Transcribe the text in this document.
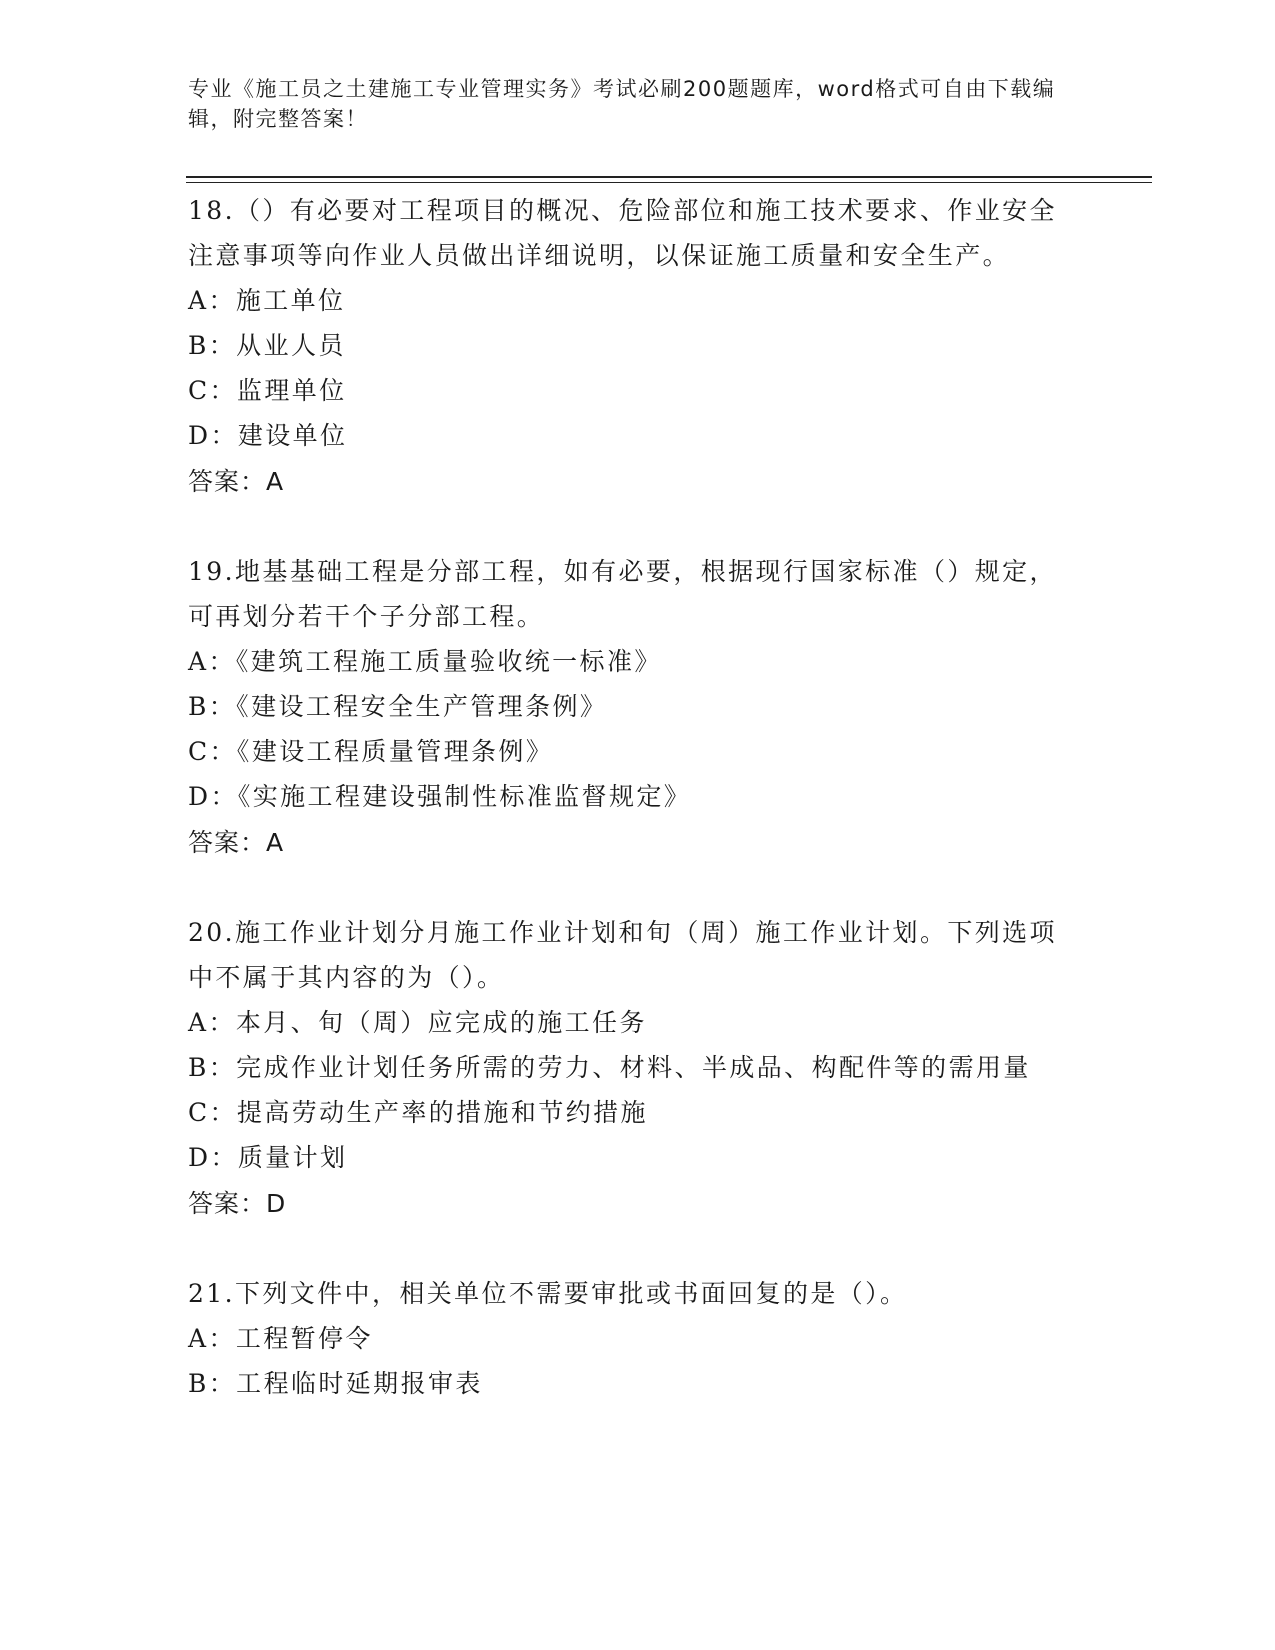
专业《施工员之土建施工专业管理实务》考试必刷200题题库，word格式可自由下载编辑，附完整答案！

18.（）有必要对工程项目的概况、危险部位和施工技术要求、作业安全注意事项等向作业人员做出详细说明，以保证施工质量和安全生产。

A：施工单位

B：从业人员

C：监理单位

D：建设单位

答案：A

19.地基基础工程是分部工程，如有必要，根据现行国家标准（）规定，可再划分若干个子分部工程。

A：《建筑工程施工质量验收统一标准》

B：《建设工程安全生产管理条例》

C：《建设工程质量管理条例》

D：《实施工程建设强制性标准监督规定》

答案：A

20.施工作业计划分月施工作业计划和旬（周）施工作业计划。下列选项中不属于其内容的为（）。

A：本月、旬（周）应完成的施工任务

B：完成作业计划任务所需的劳力、材料、半成品、构配件等的需用量

C：提高劳动生产率的措施和节约措施

D：质量计划

答案：D

21.下列文件中，相关单位不需要审批或书面回复的是（）。

A：工程暂停令

B：工程临时延期报审表
